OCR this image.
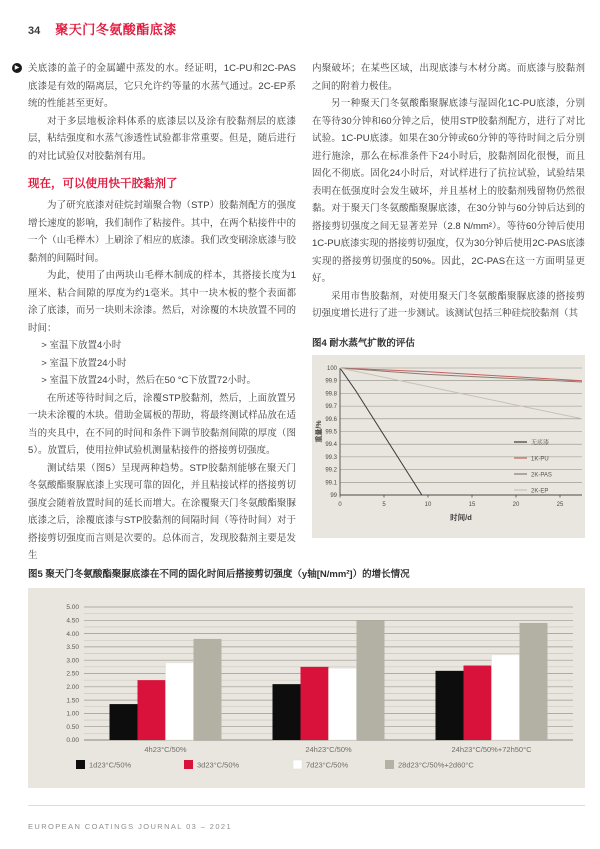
34 聚天门冬氨酸酯底漆

▶ 关底漆的盖子的金属罐中蒸发的水。经证明，1C-PU和2C-PAS底漆是有效的隔离层，它只允许约等量的水蒸气通过。2C-EP系统的性能甚至更好。

对于多层地板涂料体系的底漆层以及涂有胶黏剂层的底漆层，粘结强度和水蒸气渗透性试验都非常重要。但是，随后进行的对比试验仅对胶黏剂有用。

现在，可以使用快干胶黏剂了

为了研究底漆对硅烷封端聚合物（STP）胶黏剂配方的强度增长速度的影响，我们制作了粘接件。其中，在两个粘接件中的一个（山毛榉木）上刷涂了相应的底漆。我们改变刷涂底漆与胶黏剂的间隔时间。

为此，使用了由两块山毛榉木制成的样本，其搭接长度为1厘米、粘合间隙的厚度为约1毫米。其中一块木板的整个表面都涂了底漆，而另一块则未涂漆。然后，对涂覆的木块放置不同的时间：

> 室温下放置4小时
> 室温下放置24小时
> 室温下放置24小时，然后在50 °C下放置72小时。

在所述等待时间之后，涂覆STP胶黏剂，然后，上面放置另一块未涂覆的木块。借助金属板的帮助，将最终测试样品放在适当的夹具中，在不同的时间和条件下调节胶黏剂间隙的厚度（图5）。放置后，使用拉伸试验机测量粘接件的搭接剪切强度。

测试结果（图5）呈现两种趋势。STP胶黏剂能够在聚天门冬氨酸酯聚脲底漆上实现可靠的固化，并且粘接试样的搭接剪切强度会随着放置时间的延长而增大。在涂覆聚天门冬氨酸酯聚脲底漆之后，涂覆底漆与STP胶黏剂的间隔时间（等待时间）对于搭接剪切强度而言则是次要的。总体而言，发现胶黏剂主要是发生

内聚破坏；在某些区域，出现底漆与木材分离。而底漆与胶黏剂之间的附着力极佳。

另一种聚天门冬氨酸酯聚脲底漆与湿固化1C-PU底漆，分别在等待30分钟和60分钟之后，使用STP胶黏剂配方，进行了对比试验。1C-PU底漆。如果在30分钟或60分钟的等待时间之后分别进行施涂，那么在标准条件下24小时后，胶黏剂固化很慢，而且固化不彻底。固化24小时后，对试样进行了抗拉试验，试验结果表明在低强度时会发生破坏，并且基材上的胶黏剂残留物仍然很黏。对于聚天门冬氨酸酯聚脲底漆，在30分钟与60分钟后达到的搭接剪切强度之间无显著差异（2.8 N/mm²）。等待60分钟后使用1C-PU底漆实现的搭接剪切强度，仅为30分钟后使用2C-PAS底漆实现的搭接剪切强度的50%。因此，2C-PAS在这一方面明显更好。

采用市售胶黏剂，对使用聚天门冬氨酸酯聚脲底漆的搭接剪切强度增长进行了进一步测试。该测试包括三种硅烷胶黏剂（其

图4 耐水蒸气扩散的评估
99
99.1
99.2
99.3
99.4
99.5
99.6
99.7
99.8
99.9
100
0	5	10	15	20	25
时间/d
重量/%
无底漆
1K-PU
2K-PAS
2K-EP
图5 聚天门冬氨酸酯聚脲底漆在不同的固化时间后搭接剪切强度（y轴[N/mm²]）的增长情况
0.00
0.50
1.00
1.50
2.00
2.50
3.00
3.50
4.00
4.50
5.00
4h23°C/50%	24h23°C/50%	24h23°C/50%+72h50°C
1d23°C/50%	3d23°C/50%	7d23°C/50%	28d23°C/50%+2d60°C
EUROPEAN COATINGS JOURNAL 03 – 2021
